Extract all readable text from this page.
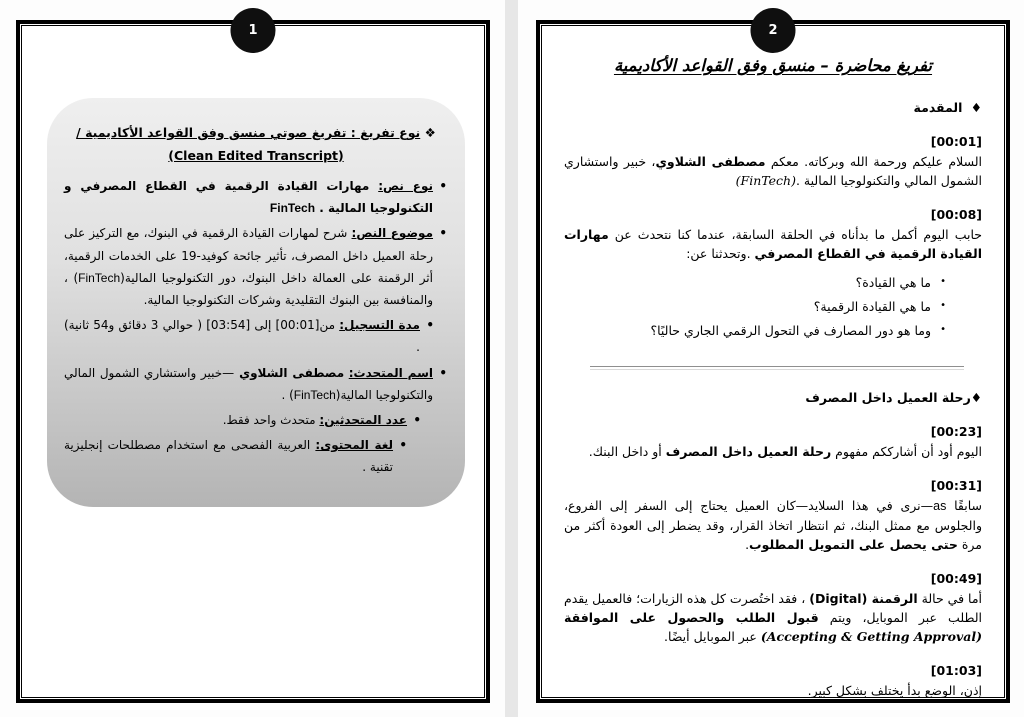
1
❖ نوع تفريغ : تفريغ صوتي منسق وفق القواعد الأكاديمية / (Clean Edited Transcript)
• نوع نص: مهارات القيادة الرقمية في القطاع المصرفي و التكنولوجيا المالية . FinTech
• موضوع النص: شرح لمهارات القيادة الرقمية في البنوك، مع التركيز على رحلة العميل داخل المصرف، تأثير جائحة كوفيد-19 على الخدمات الرقمية، أثر الرقمنة على العمالة داخل البنوك، دور التكنولوجيا المالية(FinTech) ، والمنافسة بين البنوك التقليدية وشركات التكنولوجيا المالية.
• مدة التسجيل: من[00:01] إلى [03:54] ( حوالي 3 دقائق و54 ثانية) .
• اسم المتحدث: مصطفى الشلاوي —خبير واستشاري الشمول المالي والتكنولوجيا المالية(FinTech) .
• عدد المتحدثين: متحدث واحد فقط.
• لغة المحتوى: العربية الفصحى مع استخدام مصطلحات إنجليزية تقنية .
2
تفريغ محاضرة – منسق وفق القواعد الأكاديمية
♦ المقدمة
[00:01]

السلام عليكم ورحمة الله وبركاته. معكم مصطفى الشلاوي، خبير واستشاري الشمول المالي والتكنولوجيا المالية .(FinTech)

[00:08]

حابب اليوم أكمل ما بدأناه في الحلقة السابقة، عندما كنا نتحدث عن مهارات القيادة الرقمية في القطاع المصرفي .وتحدثنا عن:

• ما هي القيادة؟
• ما هي القيادة الرقمية؟
• وما هو دور المصارف في التحول الرقمي الجاري حاليًا؟
♦رحلة العميل داخل المصرف
[00:23]

اليوم أود أن أشارككم مفهوم رحلة العميل داخل المصرف أو داخل البنك.

[00:31]

سابقًا as—نرى في هذا السلايد—كان العميل يحتاج إلى السفر إلى الفروع، والجلوس مع ممثل البنك، ثم انتظار اتخاذ القرار، وقد يضطر إلى العودة أكثر من مرة حتى يحصل على التمويل المطلوب.

[00:49]

أما في حالة الرقمنة (Digital) ، فقد اختُصرت كل هذه الزيارات؛ فالعميل يقدم الطلب عبر الموبايل، ويتم قبول الطلب والحصول على الموافقة (Accepting & Getting Approval) عبر الموبايل أيضًا.

[01:03]

إذن، الوضع بدأ يختلف بشكل كبير.
